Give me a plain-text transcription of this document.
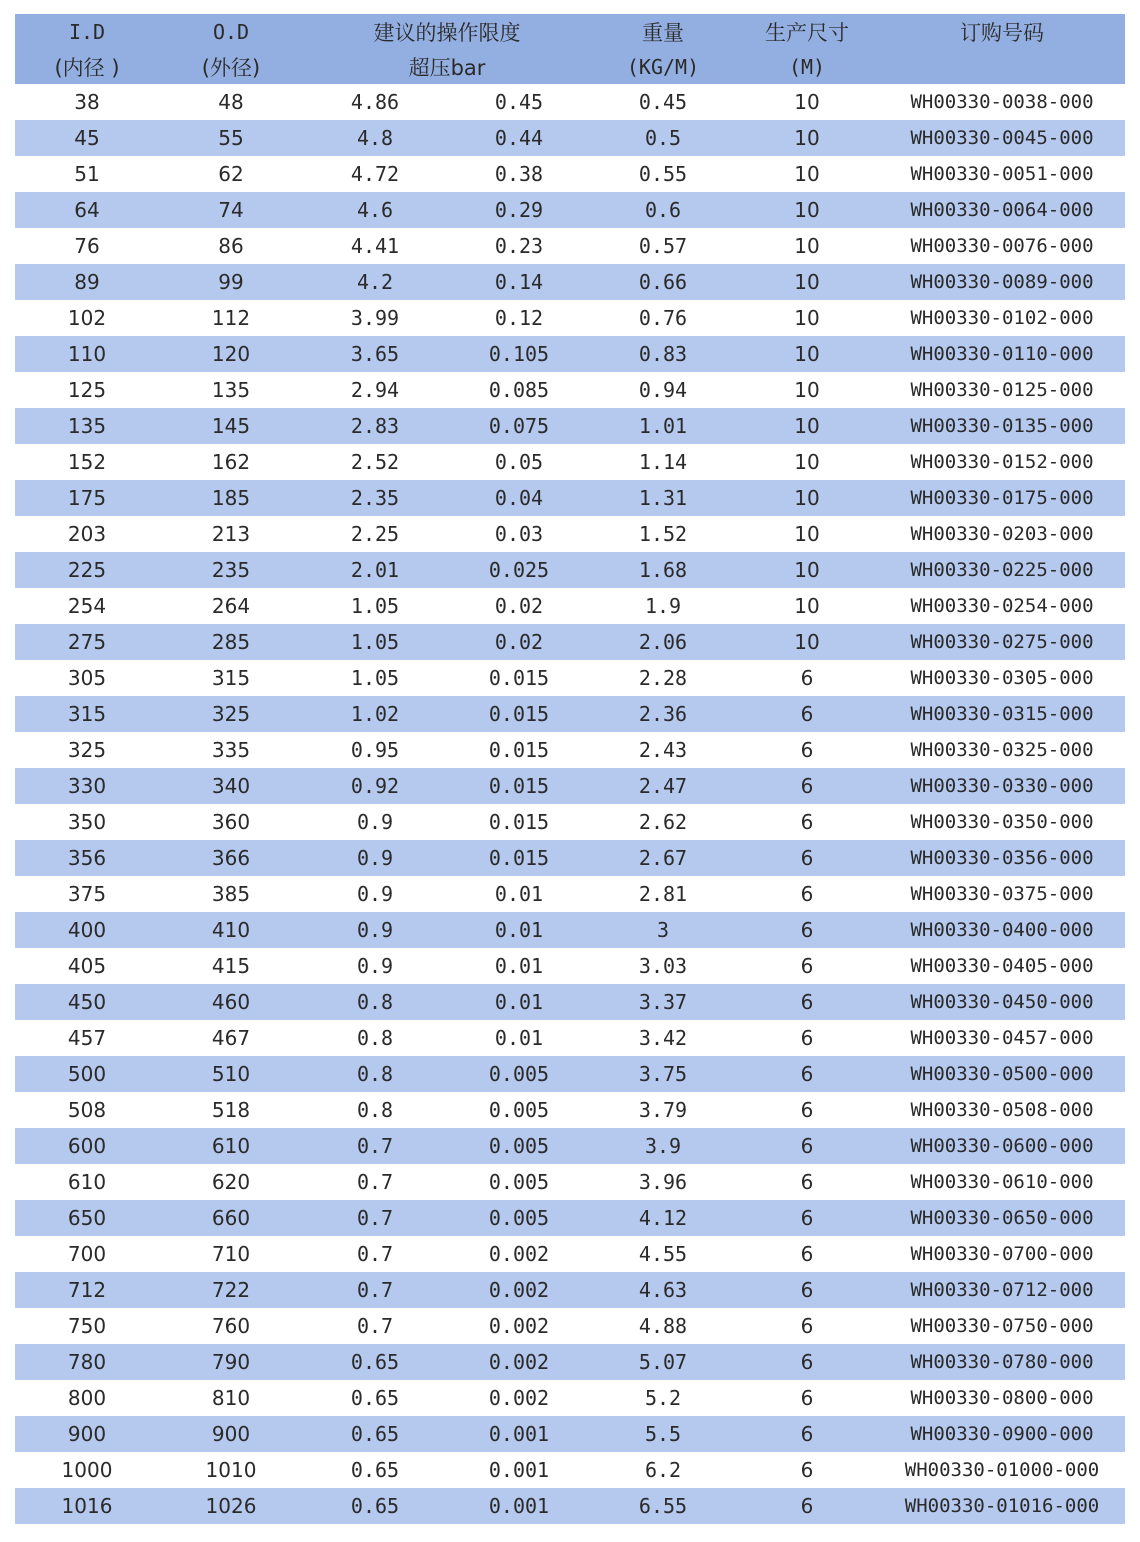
I.D	O.D	建议的操作限度		重量	生产尺寸	订购号码
(内径 )	(外径)	超压bar		(KG/M)	(M)	
38	48	4.86	0.45	0.45	10	WH00330-0038-000
45	55	4.8	0.44	0.5	10	WH00330-0045-000
51	62	4.72	0.38	0.55	10	WH00330-0051-000
64	74	4.6	0.29	0.6	10	WH00330-0064-000
76	86	4.41	0.23	0.57	10	WH00330-0076-000
89	99	4.2	0.14	0.66	10	WH00330-0089-000
102	112	3.99	0.12	0.76	10	WH00330-0102-000
110	120	3.65	0.105	0.83	10	WH00330-0110-000
125	135	2.94	0.085	0.94	10	WH00330-0125-000
135	145	2.83	0.075	1.01	10	WH00330-0135-000
152	162	2.52	0.05	1.14	10	WH00330-0152-000
175	185	2.35	0.04	1.31	10	WH00330-0175-000
203	213	2.25	0.03	1.52	10	WH00330-0203-000
225	235	2.01	0.025	1.68	10	WH00330-0225-000
254	264	1.05	0.02	1.9	10	WH00330-0254-000
275	285	1.05	0.02	2.06	10	WH00330-0275-000
305	315	1.05	0.015	2.28	6	WH00330-0305-000
315	325	1.02	0.015	2.36	6	WH00330-0315-000
325	335	0.95	0.015	2.43	6	WH00330-0325-000
330	340	0.92	0.015	2.47	6	WH00330-0330-000
350	360	0.9	0.015	2.62	6	WH00330-0350-000
356	366	0.9	0.015	2.67	6	WH00330-0356-000
375	385	0.9	0.01	2.81	6	WH00330-0375-000
400	410	0.9	0.01	3	6	WH00330-0400-000
405	415	0.9	0.01	3.03	6	WH00330-0405-000
450	460	0.8	0.01	3.37	6	WH00330-0450-000
457	467	0.8	0.01	3.42	6	WH00330-0457-000
500	510	0.8	0.005	3.75	6	WH00330-0500-000
508	518	0.8	0.005	3.79	6	WH00330-0508-000
600	610	0.7	0.005	3.9	6	WH00330-0600-000
610	620	0.7	0.005	3.96	6	WH00330-0610-000
650	660	0.7	0.005	4.12	6	WH00330-0650-000
700	710	0.7	0.002	4.55	6	WH00330-0700-000
712	722	0.7	0.002	4.63	6	WH00330-0712-000
750	760	0.7	0.002	4.88	6	WH00330-0750-000
780	790	0.65	0.002	5.07	6	WH00330-0780-000
800	810	0.65	0.002	5.2	6	WH00330-0800-000
900	900	0.65	0.001	5.5	6	WH00330-0900-000
1000	1010	0.65	0.001	6.2	6	WH00330-01000-000
1016	1026	0.65	0.001	6.55	6	WH00330-01016-000
